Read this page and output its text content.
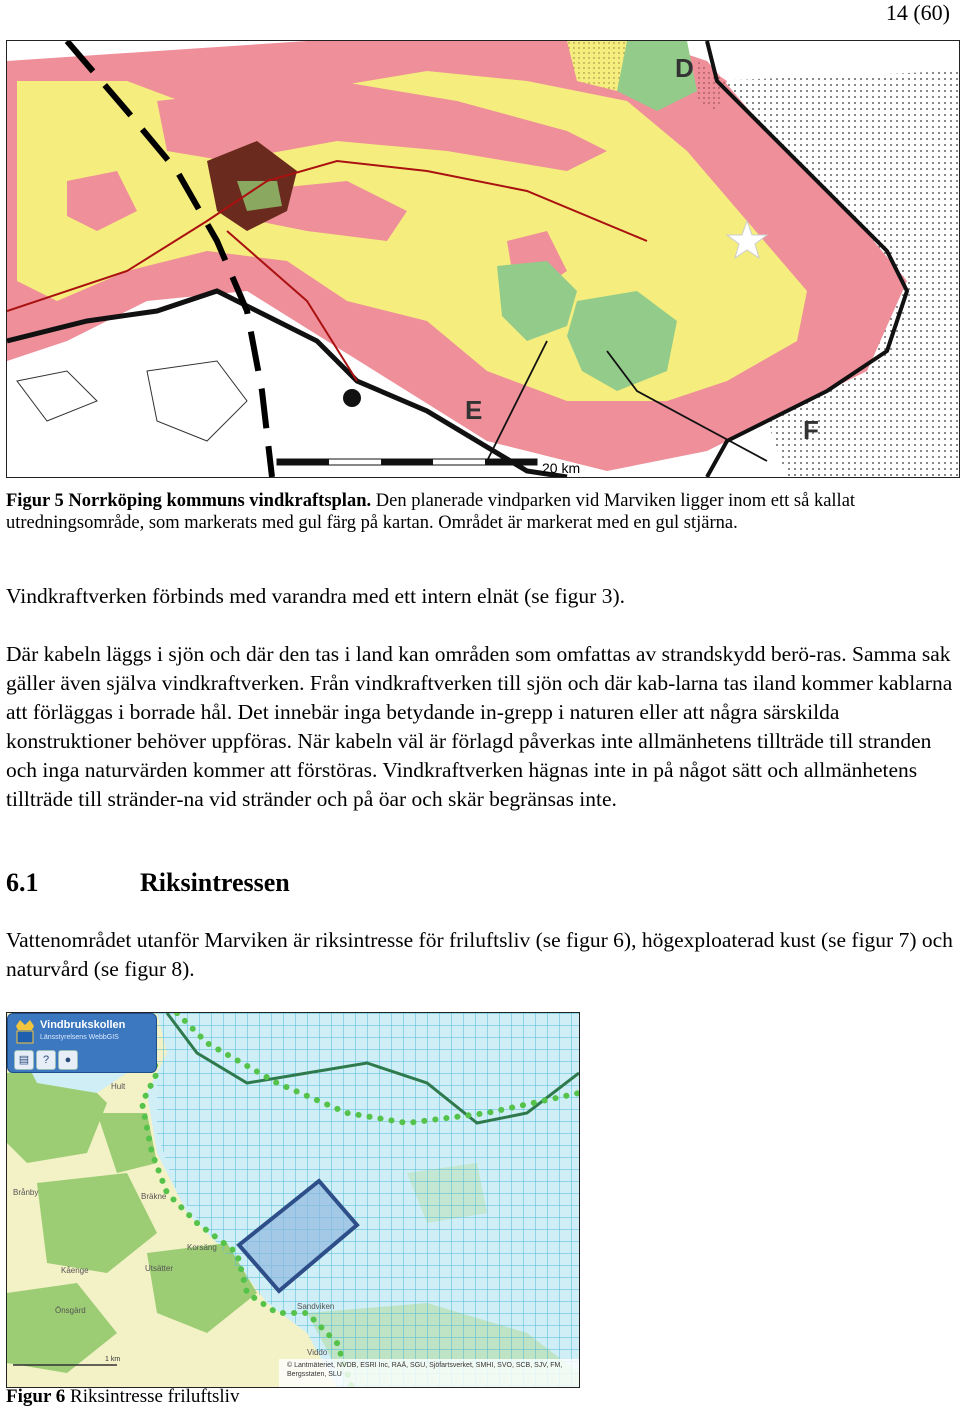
14 (60)
20 km
D
E
F
Figur 5 Norrköping kommuns vindkraftsplan. Den planerade vindparken vid Marviken ligger inom ett så kallat utredningsområde, som markerats med gul färg på kartan. Området är markerat med en gul stjärna.
Vindkraftverken förbinds med varandra med ett intern elnät (se figur 3).
Där kabeln läggs i sjön och där den tas i land kan områden som omfattas av strandskydd berö-ras. Samma sak gäller även själva vindkraftverken. Från vindkraftverken till sjön och där kab-larna tas iland kommer kablarna att förläggas i borrade hål. Det innebär inga betydande in-grepp i naturen eller att några särskilda konstruktioner behöver uppföras. När kabeln väl är förlagd påverkas inte allmänhetens tillträde till stranden och inga naturvärden kommer att förstöras. Vindkraftverken hägnas inte in på något sätt och allmänhetens tillträde till stränder-na vid stränder och på öar och skär begränsas inte.
6.1	Riksintressen
Vattenområdet utanför Marviken är riksintresse för friluftsliv (se figur 6), högexploaterad kust (se figur 7) och naturvård (se figur 8).
Hult
Brånby	Bräkne
Korsäng
Kåenge	Utsätter
Önsgärd	Sandviken
Viddo
1 km
Vindbrukskollen
Länsstyrelsens WebbGIS
▤	?	●
© Lantmäteriet, NVDB, ESRI Inc, RAÄ, SGU, Sjöfartsverket, SMHI, SVO, SCB, SJV, FM, Bergsstaten, SLU
Figur 6 Riksintresse friluftsliv
